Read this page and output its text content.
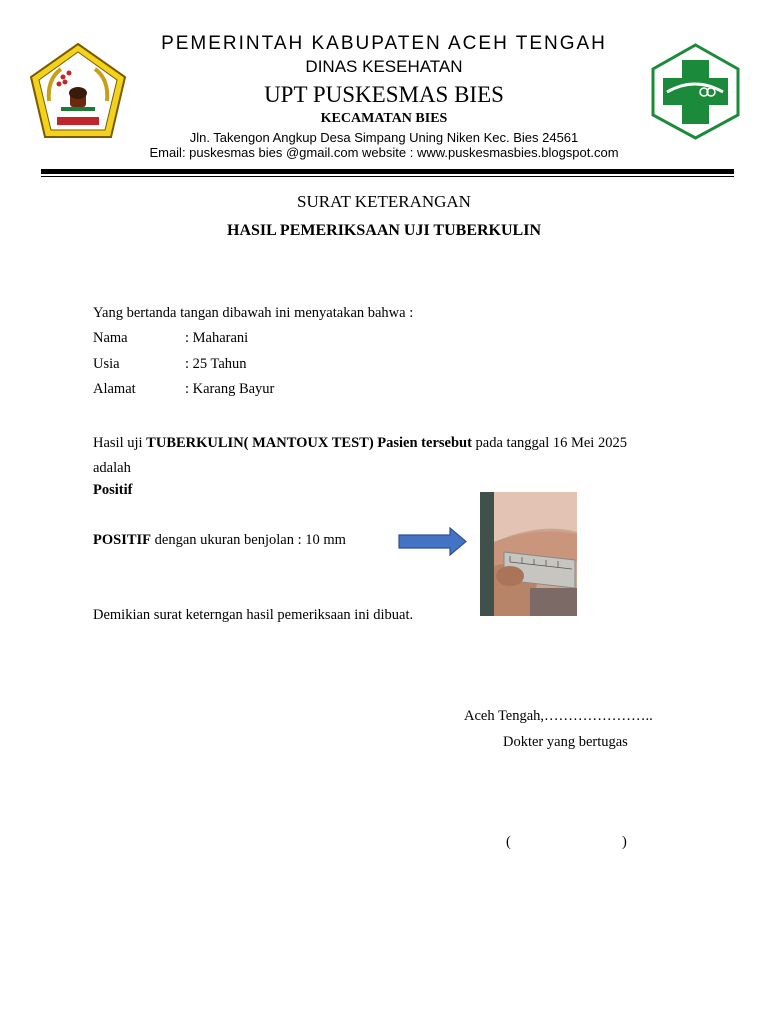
PEMERINTAH KABUPATEN ACEH TENGAH
DINAS KESEHATAN
UPT PUSKESMAS BIES
KECAMATAN BIES
Jln. Takengon Angkup Desa Simpang Uning Niken Kec. Bies 24561
Email: puskesmas bies @gmail.com website : www.puskesmasbies.blogspot.com
SURAT KETERANGAN
HASIL PEMERIKSAAN UJI TUBERKULIN
Yang bertanda tangan dibawah ini menyatakan bahwa :
Nama	: Maharani
Usia	: 25 Tahun
Alamat	: Karang Bayur
Hasil uji TUBERKULIN( MANTOUX TEST) Pasien tersebut pada tanggal 16 Mei 2025
adalah
Positif
POSITIF dengan ukuran benjolan : 10 mm
Demikian surat keterngan hasil pemeriksaan ini dibuat.
Aceh Tengah,…………………..
Dokter yang bertugas
(	)
